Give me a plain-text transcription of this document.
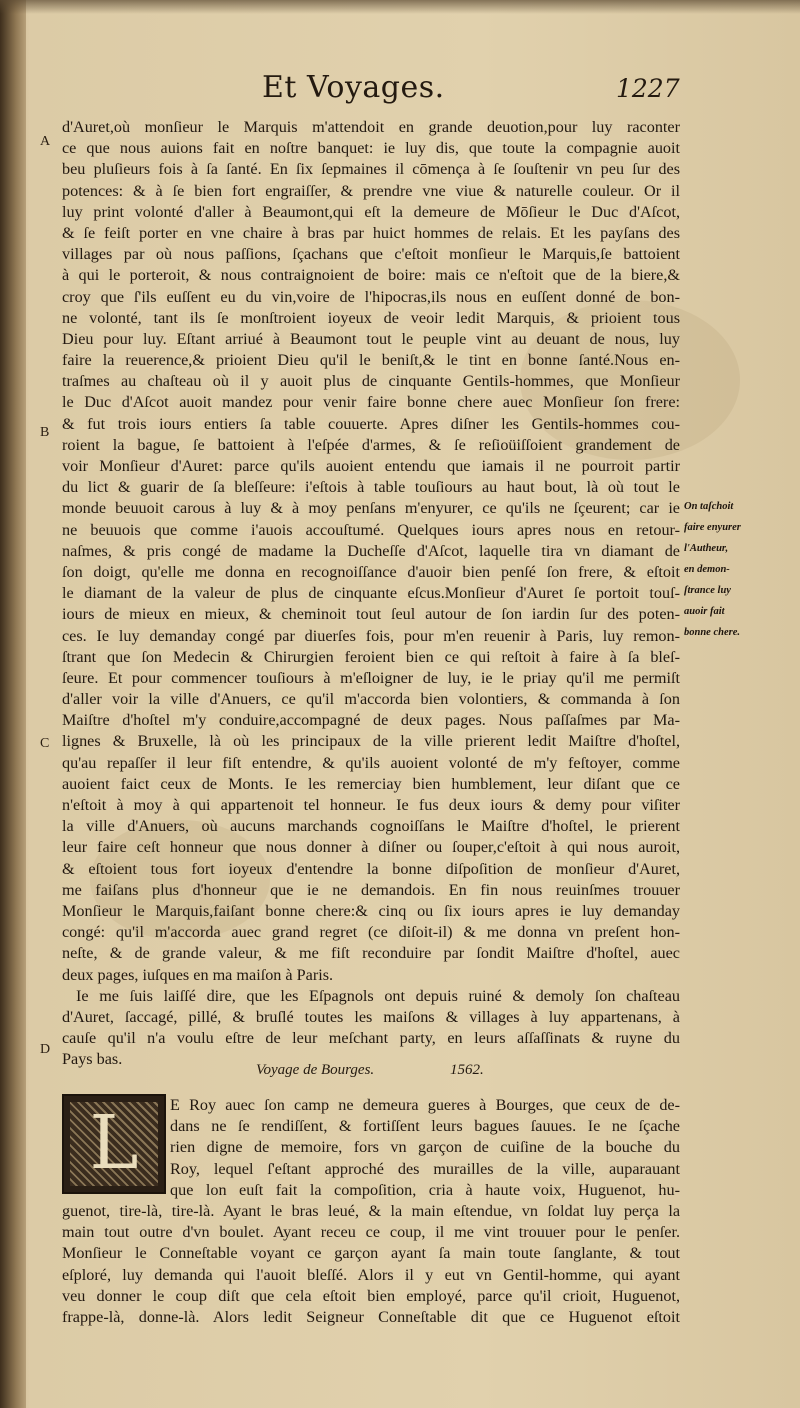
Et Voyages.	1227
A
B
C
D
d'Auret,où monſieur le Marquis m'attendoit en grande deuotion,pour luy raconter
ce que nous auions fait en noſtre banquet: ie luy dis, que toute la compagnie auoit
beu pluſieurs fois à ſa ſanté. En ſix ſepmaines il cōmença à ſe ſouſtenir vn peu ſur des
potences: & à ſe bien fort engraiſſer, & prendre vne viue & naturelle couleur. Or il
luy print volonté d'aller à Beaumont,qui eſt la demeure de Mōſieur le Duc d'Aſcot,
& ſe feiſt porter en vne chaire à bras par huict hommes de relais. Et les payſans des
villages par où nous paſſions, ſçachans que c'eſtoit monſieur le Marquis,ſe battoient
à qui le porteroit, & nous contraignoient de boire: mais ce n'eſtoit que de la biere,&
croy que ſ'ils euſſent eu du vin,voire de l'hipocras,ils nous en euſſent donné de bon-
ne volonté, tant ils ſe monſtroient ioyeux de veoir ledit Marquis, & prioient tous
Dieu pour luy. Eſtant arriué à Beaumont tout le peuple vint au deuant de nous, luy
faire la reuerence,& prioient Dieu qu'il le beniſt,& le tint en bonne ſanté.Nous en-
traſmes au chaſteau où il y auoit plus de cinquante Gentils-hommes, que Monſieur
le Duc d'Aſcot auoit mandez pour venir faire bonne chere auec Monſieur ſon frere:
& fut trois iours entiers ſa table couuerte. Apres diſner les Gentils-hommes cou-
roient la bague, ſe battoient à l'eſpée d'armes, & ſe reſioüiſſoient grandement de
voir Monſieur d'Auret: parce qu'ils auoient entendu que iamais il ne pourroit partir
du lict & guarir de ſa bleſſeure: i'eſtois à table touſiours au haut bout, là où tout le
monde beuuoit carous à luy & à moy penſans m'enyurer, ce qu'ils ne ſçeurent; car ie
ne beuuois que comme i'auois accouſtumé. Quelques iours apres nous en retour-
naſmes, & pris congé de madame la Ducheſſe d'Aſcot, laquelle tira vn diamant de
ſon doigt, qu'elle me donna en recognoiſſance d'auoir bien penſé ſon frere, & eſtoit
le diamant de la valeur de plus de cinquante eſcus.Monſieur d'Auret ſe portoit touſ-
iours de mieux en mieux, & cheminoit tout ſeul autour de ſon iardin ſur des poten-
ces. Ie luy demanday congé par diuerſes fois, pour m'en reuenir à Paris, luy remon-
ſtrant que ſon Medecin & Chirurgien feroient bien ce qui reſtoit à faire à ſa bleſ-
ſeure. Et pour commencer touſiours à m'eſloigner de luy, ie le priay qu'il me permiſt
d'aller voir la ville d'Anuers, ce qu'il m'accorda bien volontiers, & commanda à ſon
Maiſtre d'hoſtel m'y conduire,accompagné de deux pages. Nous paſſaſmes par Ma-
lignes & Bruxelle, là où les principaux de la ville prierent ledit Maiſtre d'hoſtel,
qu'au repaſſer il leur fiſt entendre, & qu'ils auoient volonté de m'y feſtoyer, comme
auoient faict ceux de Monts. Ie les remerciay bien humblement, leur diſant que ce
n'eſtoit à moy à qui appartenoit tel honneur. Ie fus deux iours & demy pour viſiter
la ville d'Anuers, où aucuns marchands cognoiſſans le Maiſtre d'hoſtel, le prierent
leur faire ceſt honneur que nous donner à diſner ou ſouper,c'eſtoit à qui nous auroit,
& eſtoient tous fort ioyeux d'entendre la bonne diſpoſition de monſieur d'Auret,
me faiſans plus d'honneur que ie ne demandois. En fin nous reuinſmes trouuer
Monſieur le Marquis,faiſant bonne chere:& cinq ou ſix iours apres ie luy demanday
congé: qu'il m'accorda auec grand regret (ce diſoit-il) & me donna vn preſent hon-
neſte, & de grande valeur, & me fiſt reconduire par ſondit Maiſtre d'hoſtel, auec
deux pages, iuſques en ma maiſon à Paris.
Ie me ſuis laiſſé dire, que les Eſpagnols ont depuis ruiné & demoly ſon chaſteau
d'Auret, ſaccagé, pillé, & bruſlé toutes les maiſons & villages à luy appartenans, à
cauſe qu'il n'a voulu eſtre de leur meſchant party, en leurs aſſaſſinats & ruyne du
Pays bas.
On taſchoit
faire enyurer
l'Autheur,
en demon-
ſtrance luy
auoir fait
bonne chere.
Voyage de Bourges.	1562.
L	E Roy auec ſon camp ne demeura gueres à Bourges, que ceux de de-
dans ne ſe rendiſſent, & fortiſſent leurs bagues ſauues. Ie ne ſçache
rien digne de memoire, fors vn garçon de cuiſine de la bouche du
Roy, lequel ſ'eſtant approché des murailles de la ville, auparauant
que lon euſt fait la compoſition, cria à haute voix, Huguenot, hu-
guenot, tire-là, tire-là. Ayant le bras leué, & la main eſtendue, vn ſoldat luy perça la
main tout outre d'vn boulet. Ayant receu ce coup, il me vint trouuer pour le penſer.
Monſieur le Conneſtable voyant ce garçon ayant ſa main toute ſanglante, & tout
eſploré, luy demanda qui l'auoit bleſſé. Alors il y eut vn Gentil-homme, qui ayant
veu donner le coup diſt que cela eſtoit bien employé, parce qu'il crioit, Huguenot,
frappe-là, donne-là. Alors ledit Seigneur Conneſtable dit que ce Huguenot eſtoit
